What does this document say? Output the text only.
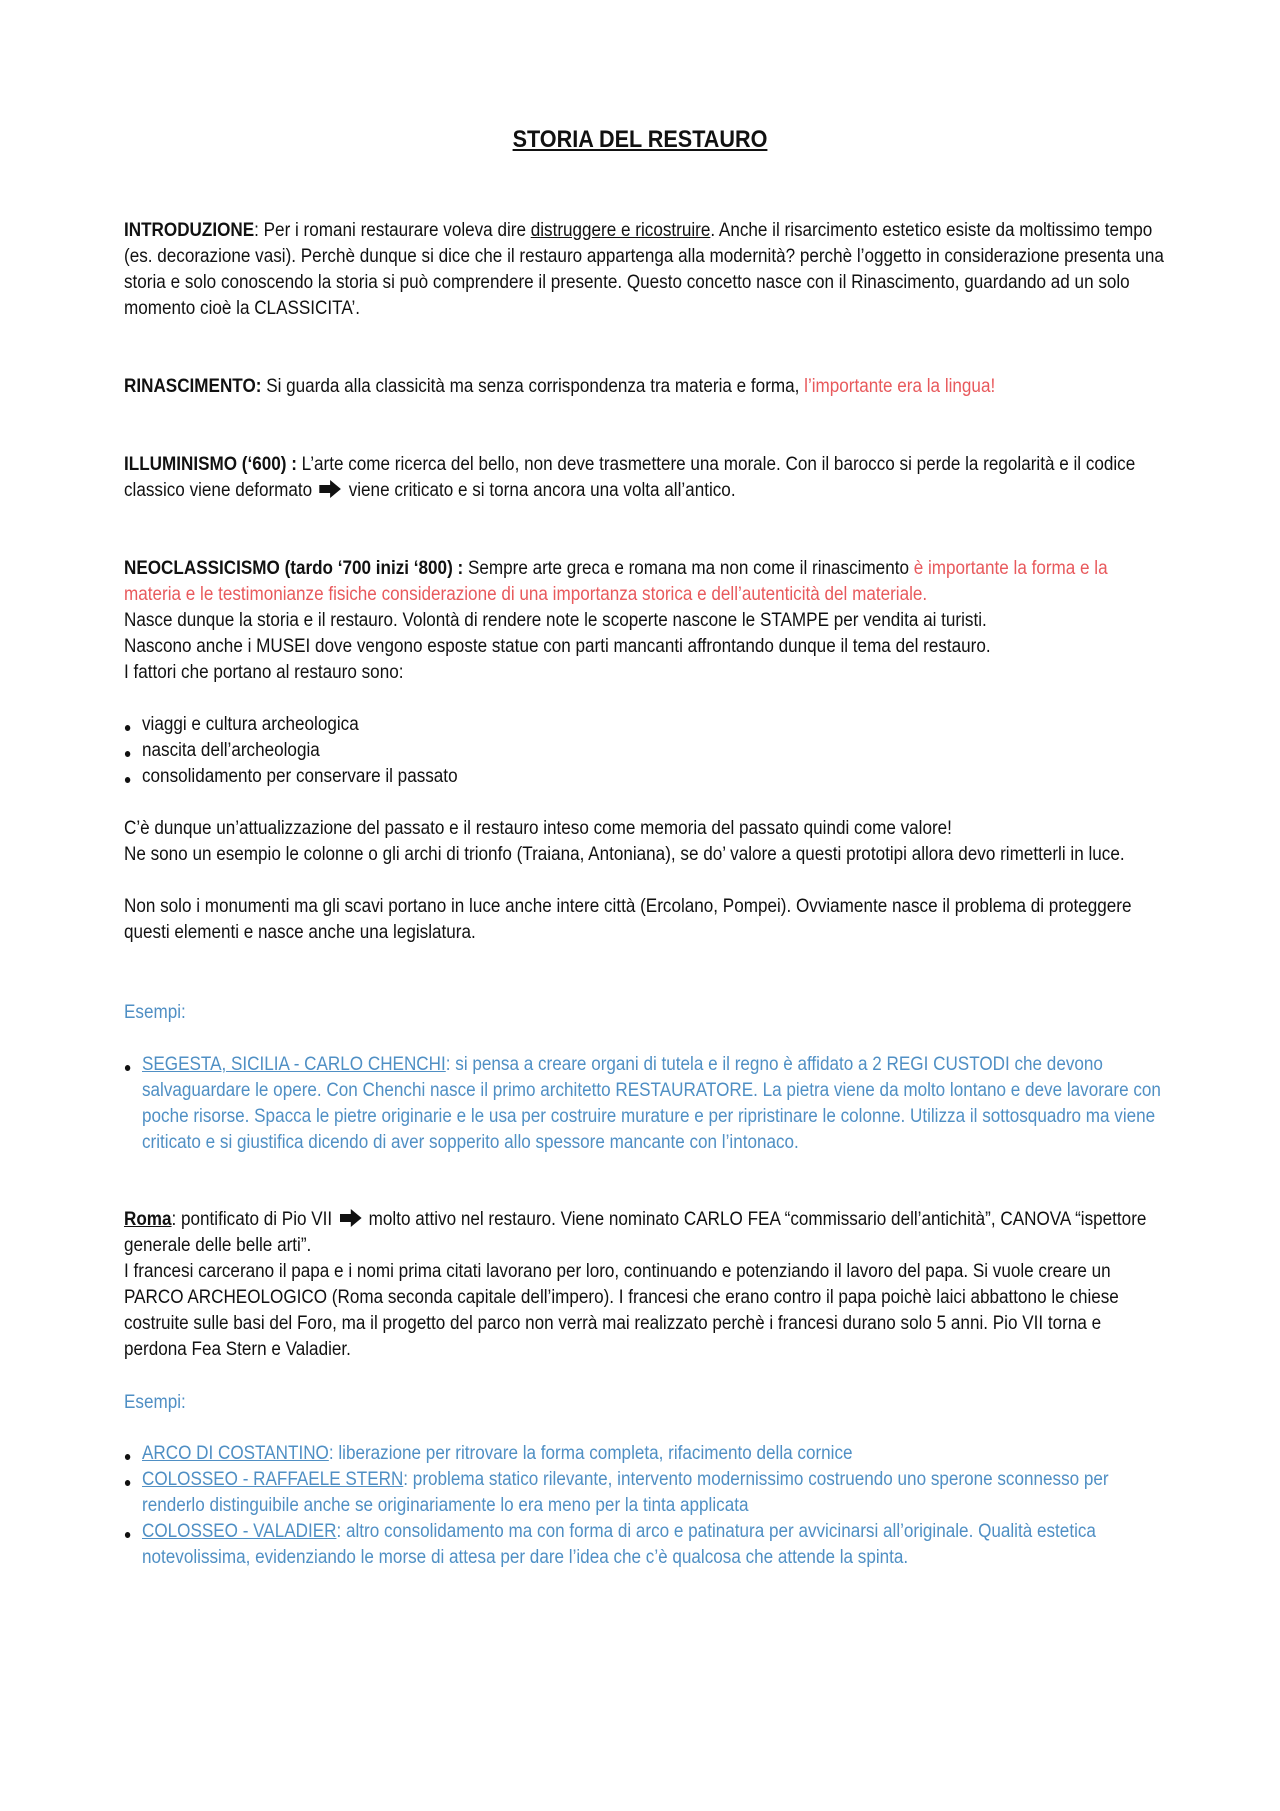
STORIA DEL RESTAURO

INTRODUZIONE: Per i romani restaurare voleva dire distruggere e ricostruire. Anche il risarcimento estetico esiste da moltissimo tempo (es. decorazione vasi). Perchè dunque si dice che il restauro appartenga alla modernità? perchè l’oggetto in considerazione presenta una storia e solo conoscendo la storia si può comprendere il presente. Questo concetto nasce con il Rinascimento, guardando ad un solo momento cioè la CLASSICITA’.

RINASCIMENTO: Si guarda alla classicità ma senza corrispondenza tra materia e forma, l’importante era la lingua!

ILLUMINISMO (‘600) : L’arte come ricerca del bello, non deve trasmettere una morale. Con il barocco si perde la regolarità e il codice classico viene deformato
viene criticato e si torna ancora una volta all’antico.

NEOCLASSICISMO (tardo ‘700 inizi ‘800) : Sempre arte greca e romana ma non come il rinascimento è importante la forma e la materia e le testimonianze fisiche considerazione di una importanza storica e dell’autenticità del materiale.
Nasce dunque la storia e il restauro. Volontà di rendere note le scoperte nascone le STAMPE per vendita ai turisti.
Nascono anche i MUSEI dove vengono esposte statue con parti mancanti affrontando dunque il tema del restauro.
I fattori che portano al restauro sono:

viaggi e cultura archeologica
nascita dell’archeologia
consolidamento per conservare il passato

C’è dunque un’attualizzazione del passato e il restauro inteso come memoria del passato quindi come valore!
Ne sono un esempio le colonne o gli archi di trionfo (Traiana, Antoniana), se do’ valore a questi prototipi allora devo rimetterli in luce.

Non solo i monumenti ma gli scavi portano in luce anche intere città (Ercolano, Pompei). Ovviamente nasce il problema di proteggere questi elementi e nasce anche una legislatura.

Esempi:

SEGESTA, SICILIA - CARLO CHENCHI: si pensa a creare organi di tutela e il regno è affidato a 2 REGI CUSTODI che devono salvaguardare le opere. Con Chenchi nasce il primo architetto RESTAURATORE. La pietra viene da molto lontano e deve lavorare con poche risorse. Spacca le pietre originarie e le usa per costruire murature e per ripristinare le colonne. Utilizza il sottosquadro ma viene criticato e si giustifica dicendo di aver sopperito allo spessore mancante con l’intonaco.

Roma: pontificato di Pio VII
molto attivo nel restauro. Viene nominato CARLO FEA “commissario dell’antichità”, CANOVA “ispettore generale delle belle arti”.
I francesi carcerano il papa e i nomi prima citati lavorano per loro, continuando e potenziando il lavoro del papa. Si vuole creare un PARCO ARCHEOLOGICO (Roma seconda capitale dell’impero). I francesi che erano contro il papa poichè laici abbattono le chiese costruite sulle basi del Foro, ma il progetto del parco non verrà mai realizzato perchè i francesi durano solo 5 anni. Pio VII torna e perdona Fea Stern e Valadier.

Esempi:

ARCO DI COSTANTINO: liberazione per ritrovare la forma completa, rifacimento della cornice
COLOSSEO - RAFFAELE STERN: problema statico rilevante, intervento modernissimo costruendo uno sperone sconnesso per renderlo distinguibile anche se originariamente lo era meno per la tinta applicata
COLOSSEO - VALADIER: altro consolidamento ma con forma di arco e patinatura per avvicinarsi all’originale. Qualità estetica notevolissima, evidenziando le morse di attesa per dare l’idea che c’è qualcosa che attende la spinta.
